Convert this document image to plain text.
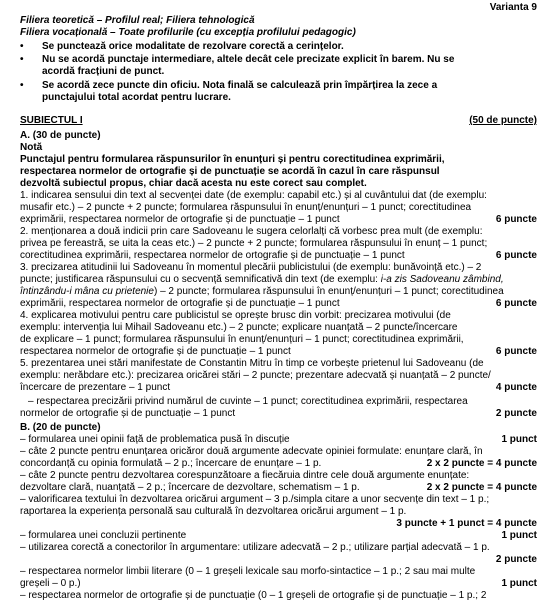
Varianta 9
Filiera teoretică – Profilul real; Filiera tehnologică
Filiera vocațională – Toate profilurile (cu excepția profilului pedagogic)
• Se punctează orice modalitate de rezolvare corectă a cerințelor.
• Nu se acordă punctaje intermediare, altele decât cele precizate explicit în barem. Nu se
acordă fracțiuni de punct.
• Se acordă zece puncte din oficiu. Nota finală se calculează prin împărțirea la zece a
punctajului total acordat pentru lucrare.
SUBIECTUL I	(50 de puncte)
A. (30 de puncte)
Notă
Punctajul pentru formularea răspunsurilor în enunțuri și pentru corectitudinea exprimării,
respectarea normelor de ortografie și de punctuație se acordă în cazul în care răspunsul
dezvoltă subiectul propus, chiar dacă acesta nu este corect sau complet.
1. indicarea sensului din text al secvenței date (de exemplu: capabil etc.) și al cuvântului dat (de exemplu:
musafir etc.) – 2 puncte + 2 puncte; formularea răspunsului în enunț/enunțuri – 1 punct; corectitudinea
exprimării, respectarea normelor de ortografie și de punctuație – 1 punct	6 puncte
2. menționarea a două indicii prin care Sadoveanu le sugera celorlalți că vorbesc prea mult (de exemplu:
privea pe fereastră, se uita la ceas etc.) – 2 puncte + 2 puncte; formularea răspunsului în enunț – 1 punct;
corectitudinea exprimării, respectarea normelor de ortografie și de punctuație – 1 punct	6 puncte
3. precizarea atitudinii lui Sadoveanu în momentul plecării publicistului (de exemplu: bunăvoință etc.) – 2
puncte; justificarea răspunsului cu o secvență semnificativă din text (de exemplu: i-a zis Sadoveanu zâmbind,
întinzându-i mâna cu prietenie) – 2 puncte; formularea răspunsului în enunț/enunțuri – 1 punct; corectitudinea
exprimării, respectarea normelor de ortografie și de punctuație – 1 punct	6 puncte
4. explicarea motivului pentru care publicistul se oprește brusc din vorbit: precizarea motivului (de
exemplu: intervenția lui Mihail Sadoveanu etc.) – 2 puncte; explicare nuanțată – 2 puncte/încercare
de explicare – 1 punct; formularea răspunsului în enunț/enunțuri – 1 punct; corectitudinea exprimării,
respectarea normelor de ortografie și de punctuație – 1 punct	6 puncte
5. prezentarea unei stări manifestate de Constantin Mitru în timp ce vorbește prietenul lui Sadoveanu (de
exemplu: nerăbdare etc.): precizarea oricărei stări – 2 puncte; prezentare adecvată și nuanțată – 2 puncte/
încercare de prezentare – 1 punct	4 puncte
– respectarea precizării privind numărul de cuvinte – 1 punct; corectitudinea exprimării, respectarea
normelor de ortografie și de punctuație – 1 punct	2 puncte
B. (20 de puncte)
– formularea unei opinii față de problematica pusă în discuție	1 punct
– câte 2 puncte pentru enunțarea oricăror două argumente adecvate opiniei formulate: enunțare clară, în
concordanță cu opinia formulată – 2 p.; încercare de enunțare – 1 p.	2 x 2 puncte = 4 puncte
– câte 2 puncte pentru dezvoltarea corespunzătoare a fiecăruia dintre cele două argumente enunțate:
dezvoltare clară, nuanțată – 2 p.; încercare de dezvoltare, schematism – 1 p.	2 x 2 puncte = 4 puncte
– valorificarea textului în dezvoltarea oricărui argument – 3 p./simpla citare a unor secvențe din text – 1 p.;
raportarea la experiența personală sau culturală în dezvoltarea oricărui argument – 1 p.
3 puncte + 1 punct = 4 puncte
– formularea unei concluzii pertinente	1 punct
– utilizarea corectă a conectorilor în argumentare: utilizare adecvată – 2 p.; utilizare parțial adecvată – 1 p.
2 puncte
– respectarea normelor limbii literare (0 – 1 greșeli lexicale sau morfo-sintactice – 1 p.; 2 sau mai multe
greșeli – 0 p.)	1 punct
– respectarea normelor de ortografie și de punctuație (0 – 1 greșeli de ortografie și de punctuație – 1 p.; 2
